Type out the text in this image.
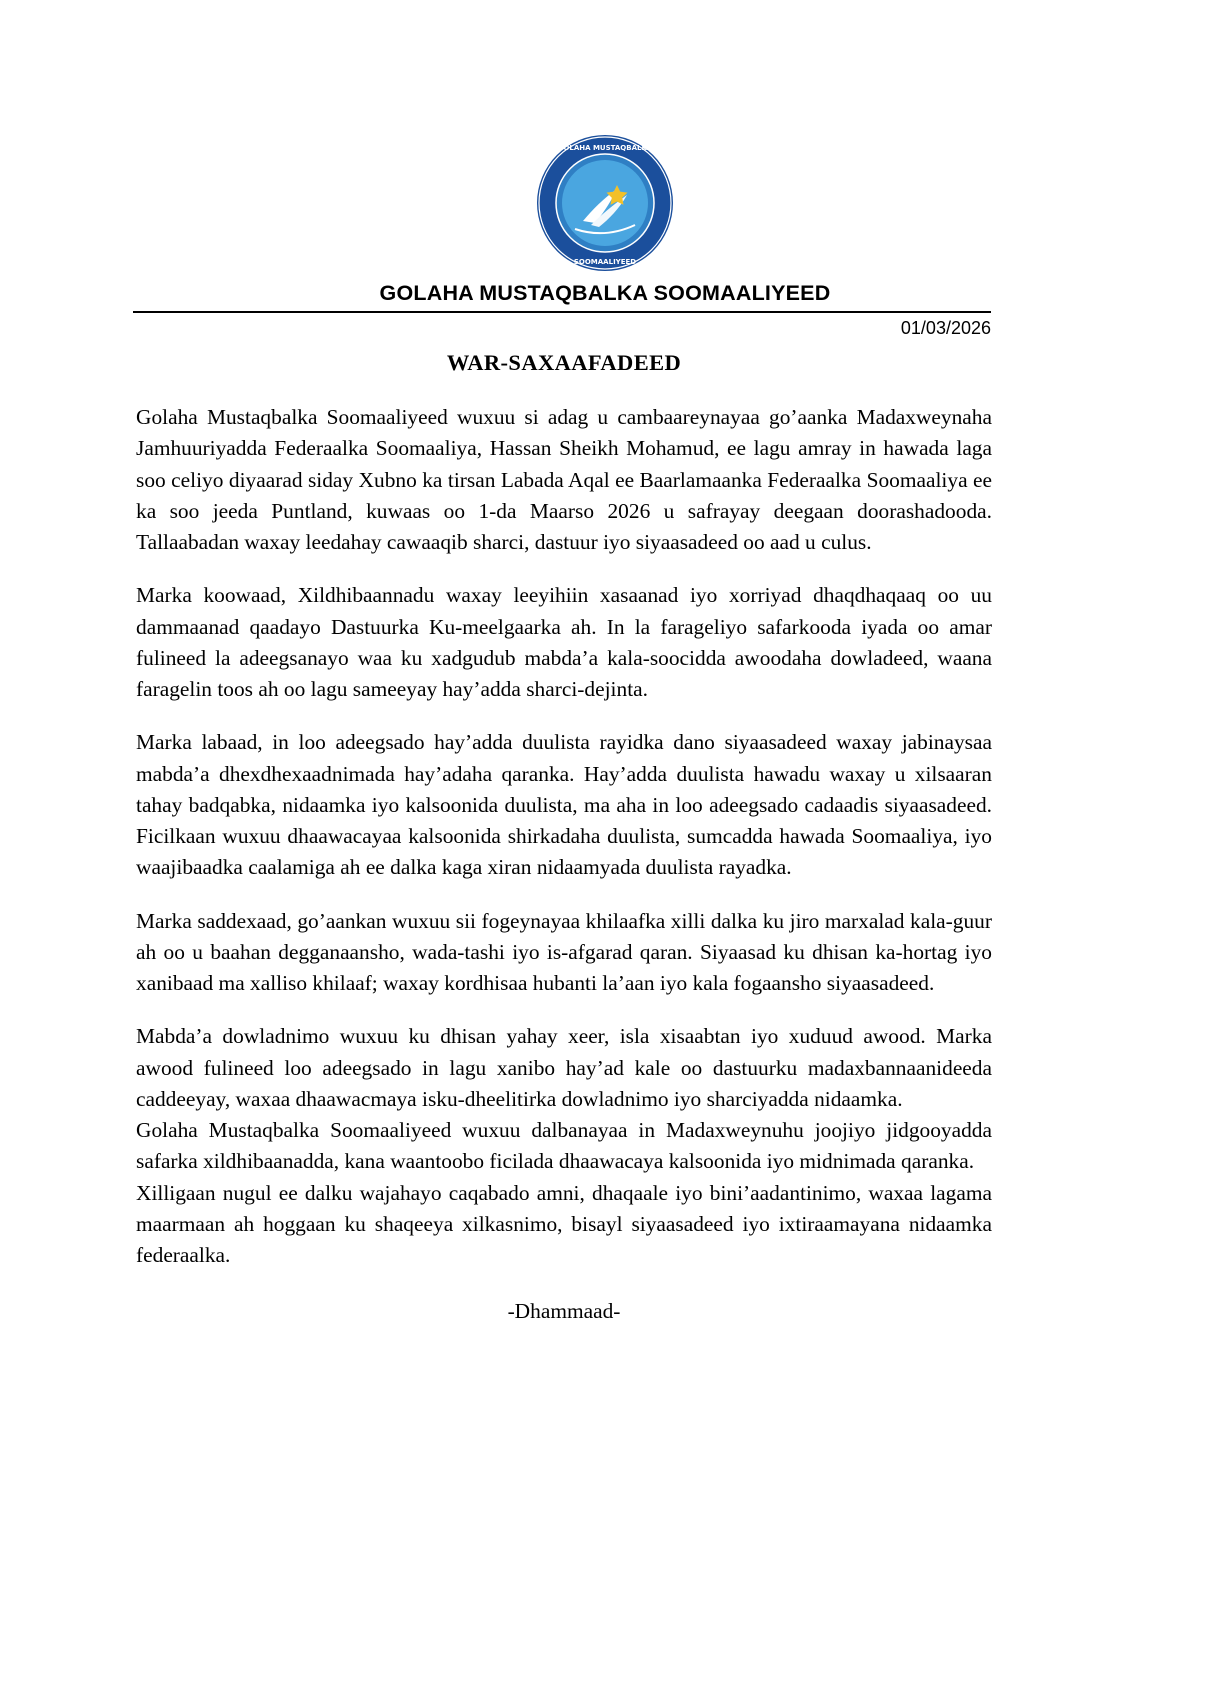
GOLAHA MUSTAQBALKA
SOOMAALIYEED
GOLAHA MUSTAQBALKA SOOMAALIYEED
01/03/2026
WAR-SAXAAFADEED

Golaha Mustaqbalka Soomaaliyeed wuxuu si adag u cambaareynayaa go’aanka Madaxweynaha Jamhuuriyadda Federaalka Soomaaliya, Hassan Sheikh Mohamud, ee lagu amray in hawada laga soo celiyo diyaarad siday Xubno ka tirsan Labada Aqal ee Baarlamaanka Federaalka Soomaaliya ee ka soo jeeda Puntland, kuwaas oo 1-da Maarso 2026 u safrayay deegaan doorashadooda. Tallaabadan waxay leedahay cawaaqib sharci, dastuur iyo siyaasadeed oo aad u culus.

Marka koowaad, Xildhibaannadu waxay leeyihiin xasaanad iyo xorriyad dhaqdhaqaaq oo uu dammaanad qaadayo Dastuurka Ku-meelgaarka ah. In la farageliyo safarkooda iyada oo amar fulineed la adeegsanayo waa ku xadgudub mabda’a kala-soocidda awoodaha dowladeed, waana faragelin toos ah oo lagu sameeyay hay’adda sharci-dejinta.

Marka labaad, in loo adeegsado hay’adda duulista rayidka dano siyaasadeed waxay jabinaysaa mabda’a dhexdhexaadnimada hay’adaha qaranka. Hay’adda duulista hawadu waxay u xilsaaran tahay badqabka, nidaamka iyo kalsoonida duulista, ma aha in loo adeegsado cadaadis siyaasadeed. Ficilkaan wuxuu dhaawacayaa kalsoonida shirkadaha duulista, sumcadda hawada Soomaaliya, iyo waajibaadka caalamiga ah ee dalka kaga xiran nidaamyada duulista rayadka.

Marka saddexaad, go’aankan wuxuu sii fogeynayaa khilaafka xilli dalka ku jiro marxalad kala-guur ah oo u baahan degganaansho, wada-tashi iyo is-afgarad qaran. Siyaasad ku dhisan ka-hortag iyo xanibaad ma xalliso khilaaf; waxay kordhisaa hubanti la’aan iyo kala fogaansho siyaasadeed.

Mabda’a dowladnimo wuxuu ku dhisan yahay xeer, isla xisaabtan iyo xuduud awood. Marka awood fulineed loo adeegsado in lagu xanibo hay’ad kale oo dastuurku madaxbannaanideeda caddeeyay, waxaa dhaawacmaya isku-dheelitirka dowladnimo iyo sharciyadda nidaamka.

Golaha Mustaqbalka Soomaaliyeed wuxuu dalbanayaa in Madaxweynuhu joojiyo jidgooyadda safarka xildhibaanadda, kana waantoobo ficilada dhaawacaya kalsoonida iyo midnimada qaranka.

Xilligaan nugul ee dalku wajahayo caqabado amni, dhaqaale iyo bini’aadantinimo, waxaa lagama maarmaan ah hoggaan ku shaqeeya xilkasnimo, bisayl siyaasadeed iyo ixtiraamayana nidaamka federaalka.

-Dhammaad-
